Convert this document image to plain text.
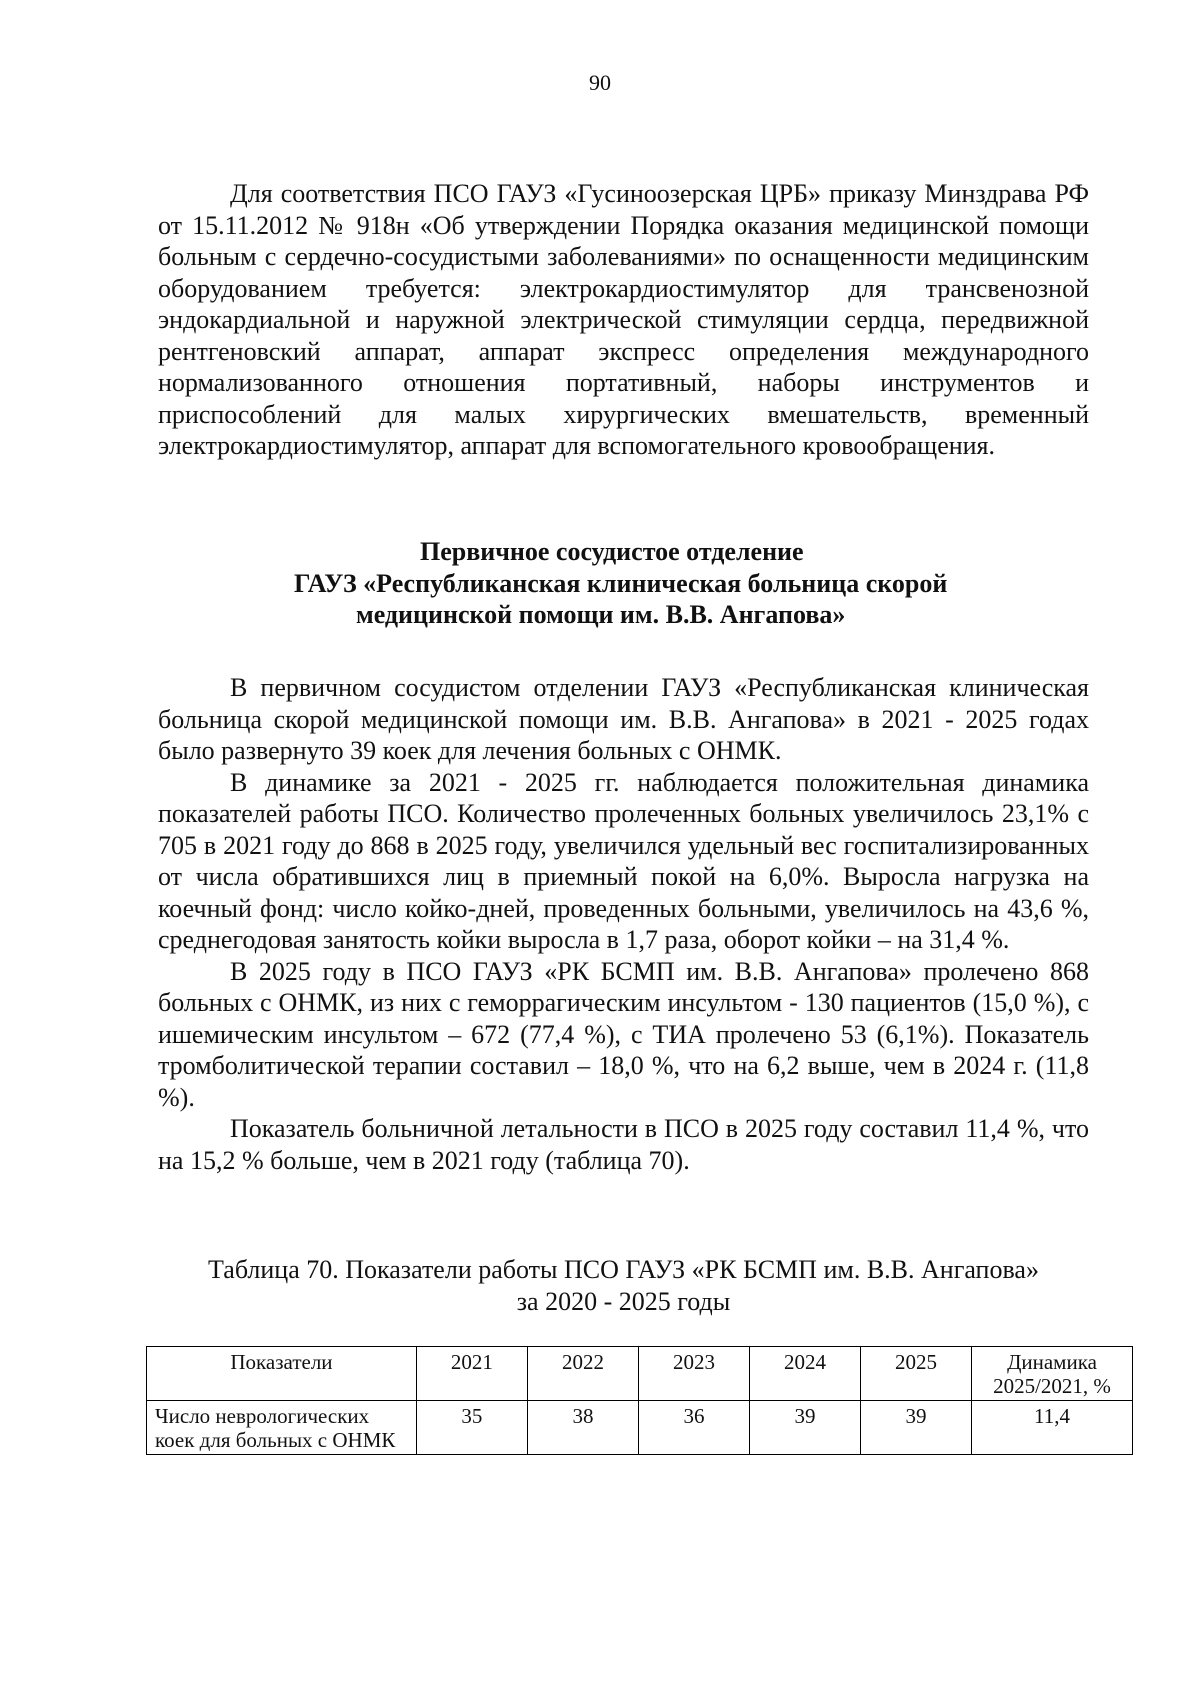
90

Для соответствия ПСО ГАУЗ «Гусиноозерская ЦРБ» приказу Минздрава РФ от 15.11.2012 № 918н «Об утверждении Порядка оказания медицинской помощи больным с сердечно-сосудистыми заболеваниями» по оснащенности медицинским оборудованием требуется: электрокардиостимулятор для трансвенозной эндокардиальной и наружной электрической стимуляции сердца, передвижной рентгеновский аппарат, аппарат экспресс определения международного нормализованного отношения портативный, наборы инструментов и приспособлений для малых хирургических вмешательств, временный электрокардиостимулятор, аппарат для вспомогательного кровообращения.

Первичное сосудистое отделение
ГАУЗ «Республиканская клиническая больница скорой
медицинской помощи им. В.В. Ангапова»

В первичном сосудистом отделении ГАУЗ «Республиканская клиническая больница скорой медицинской помощи им. В.В. Ангапова» в 2021 - 2025 годах было развернуто 39 коек для лечения больных с ОНМК.

В динамике за 2021 - 2025 гг. наблюдается положительная динамика показателей работы ПСО. Количество пролеченных больных увеличилось 23,1% с 705 в 2021 году до 868 в 2025 году, увеличился удельный вес госпитализированных от числа обратившихся лиц в приемный покой на 6,0%. Выросла нагрузка на коечный фонд: число койко-дней, проведенных больными, увеличилось на 43,6 %, среднегодовая занятость койки выросла в 1,7 раза, оборот койки – на 31,4 %.

В 2025 году в ПСО ГАУЗ «РК БСМП им. В.В. Ангапова» пролечено 868 больных с ОНМК, из них с геморрагическим инсультом - 130 пациентов (15,0 %), с ишемическим инсультом – 672 (77,4 %), с ТИА пролечено 53 (6,1%). Показатель тромболитической терапии составил – 18,0 %, что на 6,2 выше, чем в 2024 г. (11,8 %).

Показатель больничной летальности в ПСО в 2025 году составил 11,4 %, что на 15,2 % больше, чем в 2021 году (таблица 70).

Таблица 70. Показатели работы ПСО ГАУЗ «РК БСМП им. В.В. Ангапова»
за 2020 - 2025 годы
Показатели	2021	2022	2023	2024	2025	Динамика 2025/2021, %
Число неврологических коек для больных с ОНМК	35	38	36	39	39	11,4
